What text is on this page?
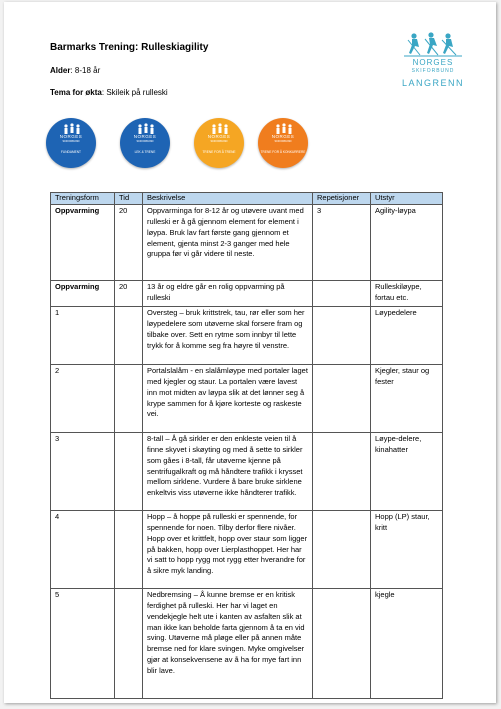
Barmarks Trening: Rulleskiagility
Alder: 8-18 år
Tema for økta: Skileik på rulleski
NORGES
SKIFORBUND
LANGRENN
NORGES
SKIFORBUND
FUNDAMENT
NORGES
SKIFORBUND
LEK & TRENE
NORGES
SKIFORBUND
TRENE FOR Å TRENE
NORGES
SKIFORBUND
TRENE FOR Å KONKURRERE
Treningsform	Tid	Beskrivelse	Repetisjoner	Utstyr
Oppvarming	20	Oppvarminga for 8-12 år og utøvere uvant med rulleski er å gå gjennom element for element i løypa. Bruk lav fart første gang gjennom et element, gjenta minst 2-3 ganger med hele gruppa før vi går videre til neste.	3	Agility-løypa
Oppvarming	20	13 år og eldre går en rolig oppvarming på rulleski		Rulleskiløype, fortau etc.
1		Oversteg – bruk krittstrek, tau, rør eller som her løypedelere som utøverne skal forsere fram og tilbake over. Sett en rytme som innbyr til lette trykk for å komme seg fra høyre til venstre.		Løypedelere
2		Portalslalåm - en slalåmløype med portaler laget med kjegler og staur. La portalen være lavest inn mot midten av løypa slik at det lønner seg å krype sammen for å kjøre korteste og raskeste vei.		Kjegler, staur og fester
3		8-tall – Å gå sirkler er den enkleste veien til å finne skyvet i skøyting og med å sette to sirkler som gåes i 8-tall, får utøverne kjenne på sentrifugalkraft og må håndtere trafikk i krysset mellom sirklene. Vurdere å bare bruke sirklene enkeltvis viss utøverne ikke håndterer trafikk.		Løype-delere, kinahatter
4		Hopp – å hoppe på rulleski er spennende, for spennende for noen. Tilby derfor flere nivåer. Hopp over et krittfelt, hopp over staur som ligger på bakken, hopp over Lierplasthoppet. Her har vi satt to hopp rygg mot rygg etter hverandre for å sikre myk landing.		Hopp (LP) staur, kritt
5		Nedbremsing – Å kunne bremse er en kritisk ferdighet på rulleski. Her har vi laget en vendekjegle helt ute i kanten av asfalten slik at man ikke kan beholde farta gjennom å ta en vid sving. Utøverne må pløge eller på annen måte bremse ned for klare svingen. Myke omgivelser gjør at konsekvensene av å ha for mye fart inn blir lave.		kjegle
